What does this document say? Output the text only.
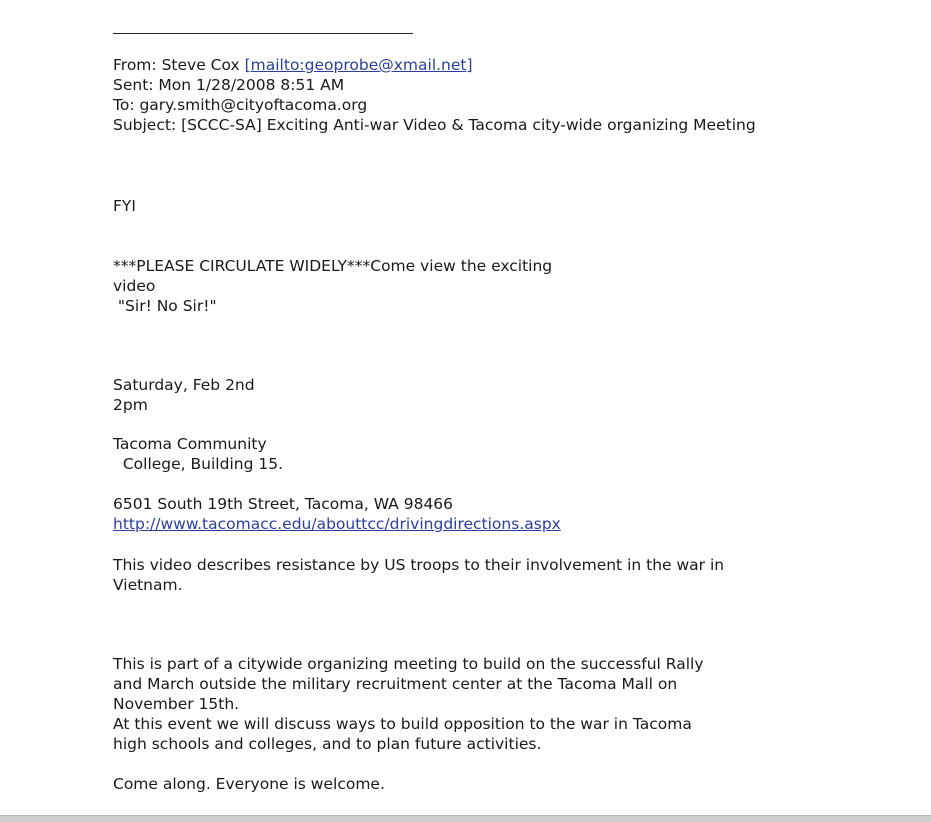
From: Steve Cox [mailto:geoprobe@xmail.net]
Sent: Mon 1/28/2008 8:51 AM
To: gary.smith@cityoftacoma.org
Subject: [SCCC-SA] Exciting Anti-war Video & Tacoma city-wide organizing Meeting
FYI
***PLEASE CIRCULATE WIDELY***Come view the exciting
video
"Sir! No Sir!"
Saturday, Feb 2nd
2pm
Tacoma Community
College, Building 15.
6501 South 19th Street, Tacoma, WA 98466
http://www.tacomacc.edu/abouttcc/drivingdirections.aspx
This video describes resistance by US troops to their involvement in the war in
Vietnam.
This is part of a citywide organizing meeting to build on the successful Rally
and March outside the military recruitment center at the Tacoma Mall on
November 15th.
At this event we will discuss ways to build opposition to the war in Tacoma
high schools and colleges, and to plan future activities.
Come along. Everyone is welcome.
